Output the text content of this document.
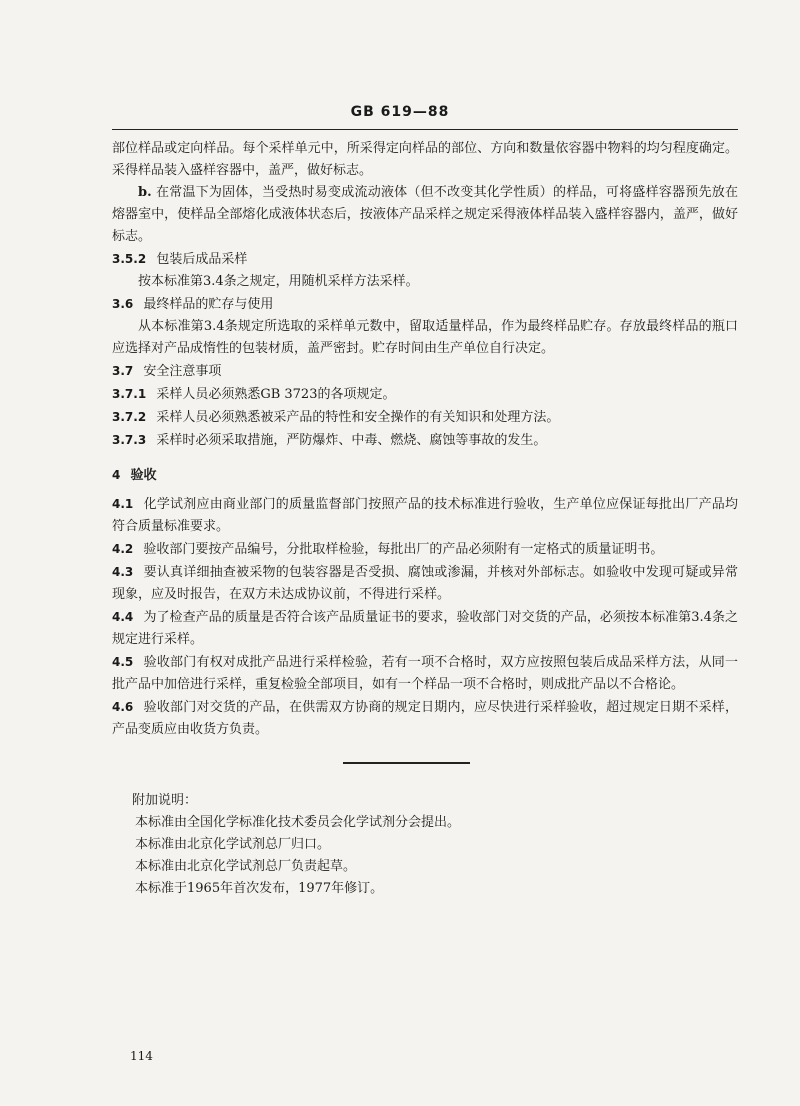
GB 619—88

部位样品或定向样品。每个采样单元中，所采得定向样品的部位、方向和数量依容器中物料的均匀程度确定。采得样品装入盛样容器中，盖严，做好标志。

b. 在常温下为固体，当受热时易变成流动液体（但不改变其化学性质）的样品，可将盛样容器预先放在熔器室中，使样品全部熔化成液体状态后，按液体产品采样之规定采得液体样品装入盛样容器内，盖严，做好标志。

3.5.2 包装后成品采样

按本标准第3.4条之规定，用随机采样方法采样。

3.6 最终样品的贮存与使用

从本标准第3.4条规定所选取的采样单元数中，留取适量样品，作为最终样品贮存。存放最终样品的瓶口应选择对产品成惰性的包装材质，盖严密封。贮存时间由生产单位自行决定。

3.7 安全注意事项

3.7.1 采样人员必须熟悉GB 3723的各项规定。

3.7.2 采样人员必须熟悉被采产品的特性和安全操作的有关知识和处理方法。

3.7.3 采样时必须采取措施，严防爆炸、中毒、燃烧、腐蚀等事故的发生。

4 验收

4.1 化学试剂应由商业部门的质量监督部门按照产品的技术标准进行验收，生产单位应保证每批出厂产品均符合质量标准要求。

4.2 验收部门要按产品编号，分批取样检验，每批出厂的产品必须附有一定格式的质量证明书。

4.3 要认真详细抽查被采物的包装容器是否受损、腐蚀或渗漏，并核对外部标志。如验收中发现可疑或异常现象，应及时报告，在双方未达成协议前，不得进行采样。

4.4 为了检查产品的质量是否符合该产品质量证书的要求，验收部门对交货的产品，必须按本标准第3.4条之规定进行采样。

4.5 验收部门有权对成批产品进行采样检验，若有一项不合格时，双方应按照包装后成品采样方法，从同一批产品中加倍进行采样，重复检验全部项目，如有一个样品一项不合格时，则成批产品以不合格论。

4.6 验收部门对交货的产品，在供需双方协商的规定日期内，应尽快进行采样验收，超过规定日期不采样，产品变质应由收货方负责。

附加说明：

本标准由全国化学标准化技术委员会化学试剂分会提出。

本标准由北京化学试剂总厂归口。

本标准由北京化学试剂总厂负责起草。

本标准于1965年首次发布，1977年修订。

114
